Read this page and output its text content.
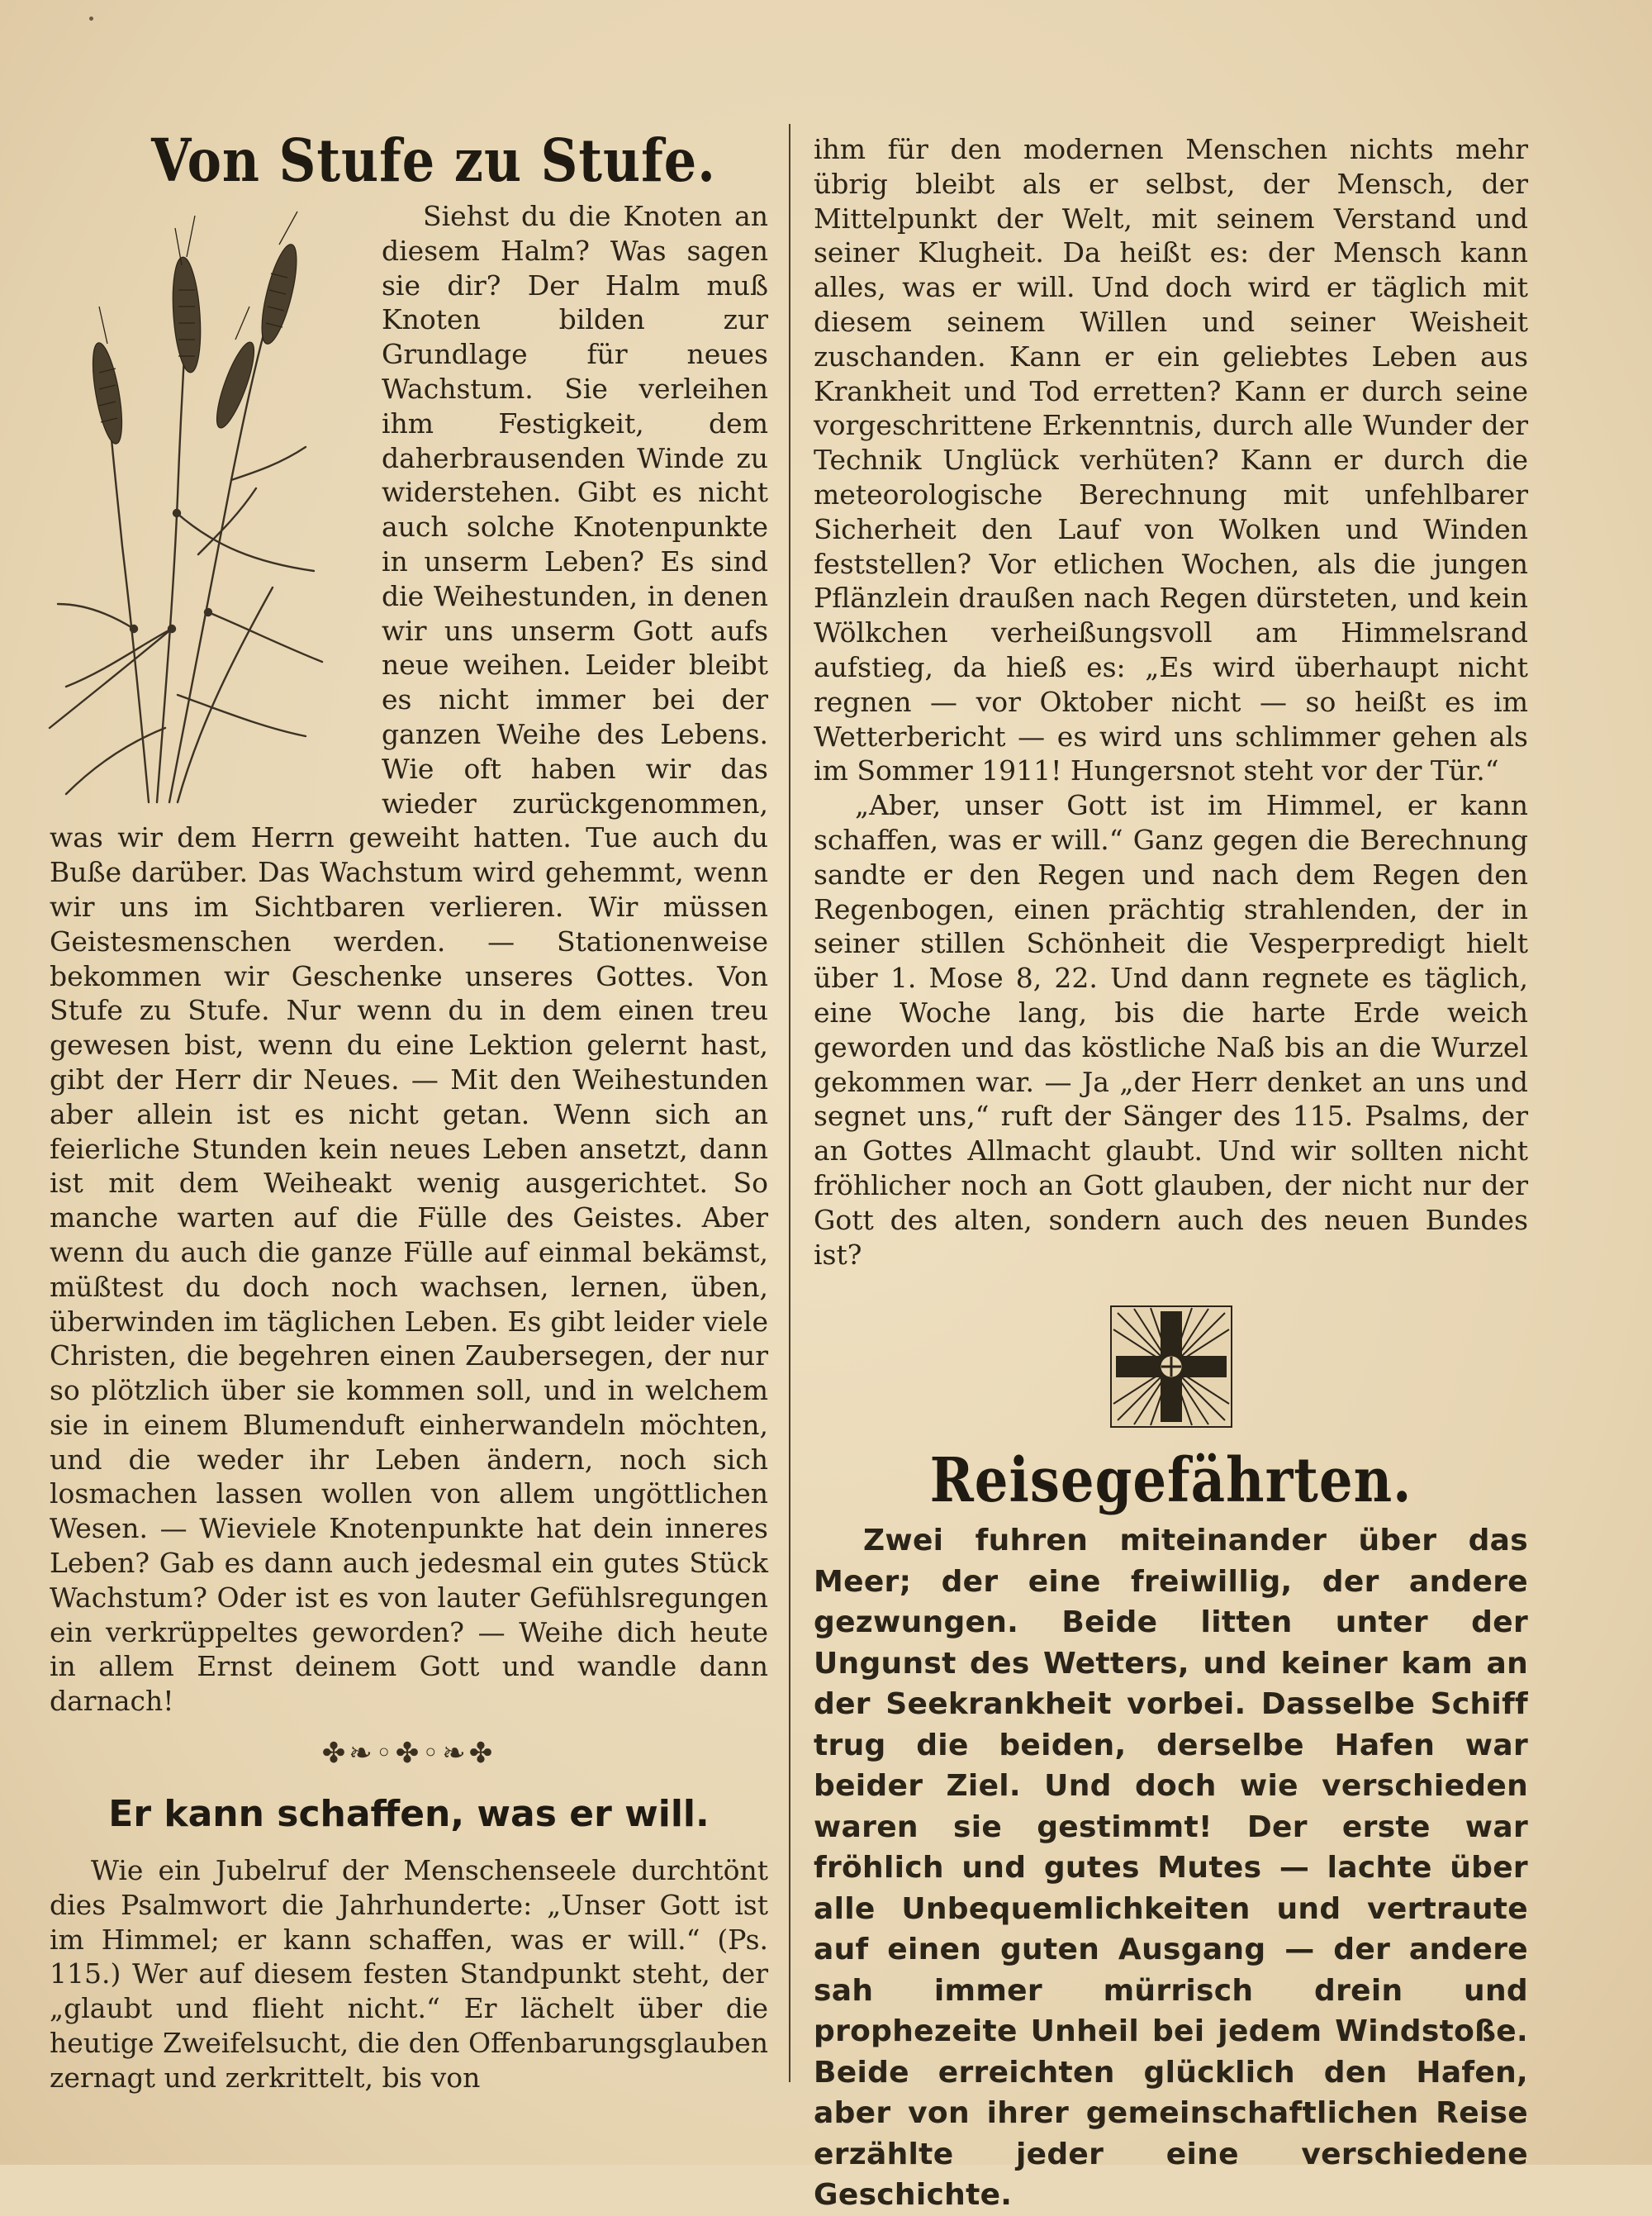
Von Stufe zu Stufe.

Siehst du die Knoten an diesem Halm? Was sagen sie dir? Der Halm muß Knoten bilden zur Grundlage für neues Wachstum. Sie verleihen ihm Festigkeit, dem daherbrausenden Winde zu widerstehen. Gibt es nicht auch solche Knotenpunkte in unserm Leben? Es sind die Weihestunden, in denen wir uns unserm Gott aufs neue weihen. Leider bleibt es nicht immer bei der ganzen Weihe des Lebens. Wie oft haben wir das wieder zurückgenommen, was wir dem Herrn geweiht hatten. Tue auch du Buße darüber. Das Wachstum wird gehemmt, wenn wir uns im Sichtbaren verlieren. Wir müssen Geistesmenschen werden. — Stationenweise bekommen wir Geschenke unseres Gottes. Von Stufe zu Stufe. Nur wenn du in dem einen treu gewesen bist, wenn du eine Lektion gelernt hast, gibt der Herr dir Neues. — Mit den Weihestunden aber allein ist es nicht getan. Wenn sich an feierliche Stunden kein neues Leben ansetzt, dann ist mit dem Weiheakt wenig ausgerichtet. So manche warten auf die Fülle des Geistes. Aber wenn du auch die ganze Fülle auf einmal bekämst, müßtest du doch noch wachsen, lernen, üben, überwinden im täglichen Leben. Es gibt leider viele Christen, die begehren einen Zaubersegen, der nur so plötzlich über sie kommen soll, und in welchem sie in einem Blumenduft einherwandeln möchten, und die weder ihr Leben ändern, noch sich losmachen lassen wollen von allem ungöttlichen Wesen. — Wieviele Knotenpunkte hat dein inneres Leben? Gab es dann auch jedesmal ein gutes Stück Wachstum? Oder ist es von lauter Gefühlsregungen ein verkrüppeltes geworden? — Weihe dich heute in allem Ernst deinem Gott und wandle dann darnach!

✤❧◦✤◦❧✤
Er kann schaffen, was er will.

Wie ein Jubelruf der Menschenseele durchtönt dies Psalmwort die Jahrhunderte: „Unser Gott ist im Himmel; er kann schaffen, was er will.“ (Ps. 115.) Wer auf diesem festen Standpunkt steht, der „glaubt und flieht nicht.“ Er lächelt über die heutige Zweifelsucht, die den Offenbarungsglauben zernagt und zerkrittelt, bis von

ihm für den modernen Menschen nichts mehr übrig bleibt als er selbst, der Mensch, der Mittelpunkt der Welt, mit seinem Verstand und seiner Klugheit. Da heißt es: der Mensch kann alles, was er will. Und doch wird er täglich mit diesem seinem Willen und seiner Weisheit zuschanden. Kann er ein geliebtes Leben aus Krankheit und Tod erretten? Kann er durch seine vorgeschrittene Erkenntnis, durch alle Wunder der Technik Unglück verhüten? Kann er durch die meteorologische Berechnung mit unfehlbarer Sicherheit den Lauf von Wolken und Winden feststellen? Vor etlichen Wochen, als die jungen Pflänzlein draußen nach Regen dürsteten, und kein Wölkchen verheißungsvoll am Himmelsrand aufstieg, da hieß es: „Es wird überhaupt nicht regnen — vor Oktober nicht — so heißt es im Wetterbericht — es wird uns schlimmer gehen als im Sommer 1911! Hungersnot steht vor der Tür.“

„Aber, unser Gott ist im Himmel, er kann schaffen, was er will.“ Ganz gegen die Berechnung sandte er den Regen und nach dem Regen den Regenbogen, einen prächtig strahlenden, der in seiner stillen Schönheit die Vesperpredigt hielt über 1. Mose 8, 22. Und dann regnete es täglich, eine Woche lang, bis die harte Erde weich geworden und das köstliche Naß bis an die Wurzel gekommen war. — Ja „der Herr denket an uns und segnet uns,“ ruft der Sänger des 115. Psalms, der an Gottes Allmacht glaubt. Und wir sollten nicht fröhlicher noch an Gott glauben, der nicht nur der Gott des alten, sondern auch des neuen Bundes ist?

Reisegefährten.

Zwei fuhren miteinander über das Meer; der eine freiwillig, der andere gezwungen. Beide litten unter der Ungunst des Wetters, und keiner kam an der Seekrankheit vorbei. Dasselbe Schiff trug die beiden, derselbe Hafen war beider Ziel. Und doch wie verschieden waren sie gestimmt! Der erste war fröhlich und gutes Mutes — lachte über alle Unbequemlichkeiten und vertraute auf einen guten Ausgang — der andere sah immer mürrisch drein und prophezeite Unheil bei jedem Windstoße. Beide erreichten glücklich den Hafen, aber von ihrer gemeinschaftlichen Reise erzählte jeder eine verschiedene Geschichte.
